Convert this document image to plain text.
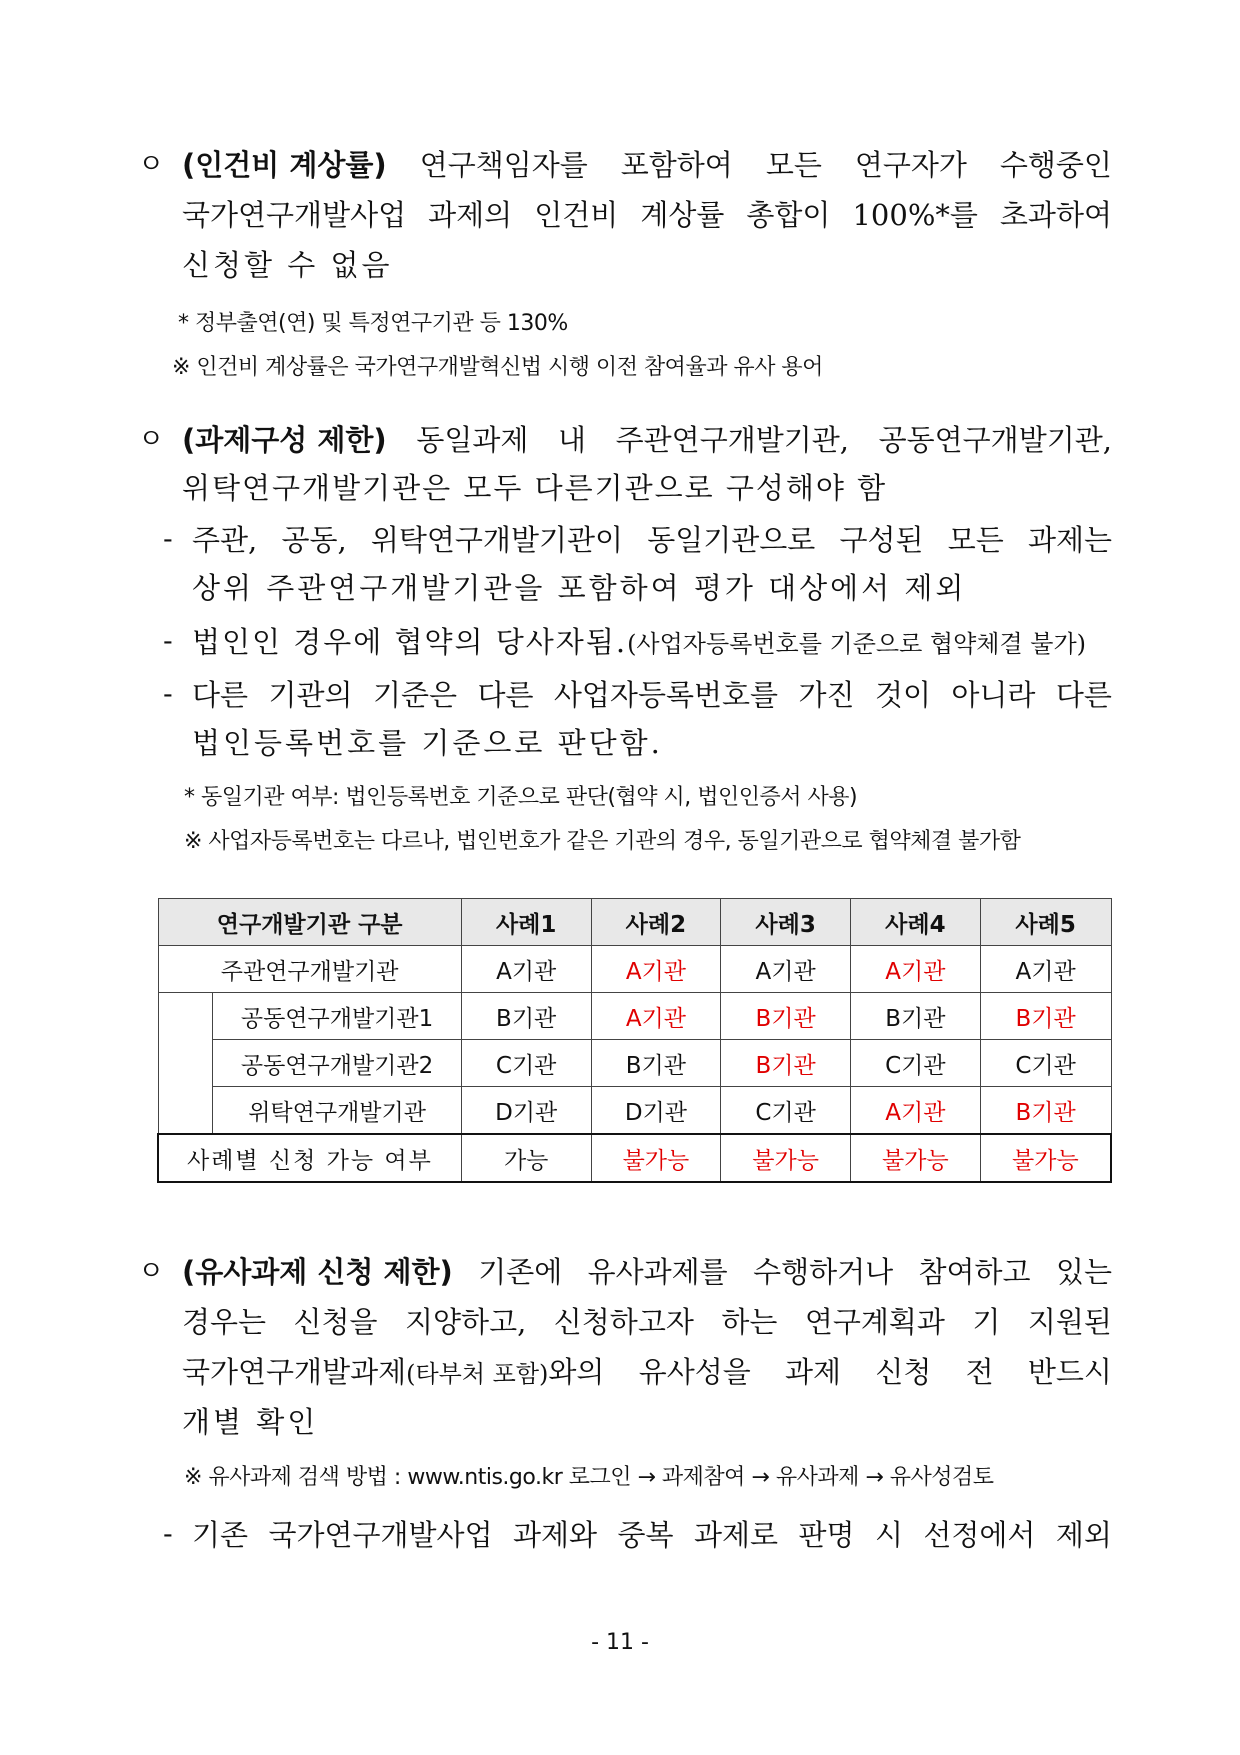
ㅇ (인건비 계상률) 연구책임자를 포함하여 모든 연구자가 수행중인
국가연구개발사업 과제의 인건비 계상률 총합이 100%*를 초과하여
신청할 수 없음
* 정부출연(연) 및 특정연구기관 등 130%
※ 인건비 계상률은 국가연구개발혁신법 시행 이전 참여율과 유사 용어
ㅇ (과제구성 제한) 동일과제 내 주관연구개발기관, 공동연구개발기관,
위탁연구개발기관은 모두 다른기관으로 구성해야 함
- 주관, 공동, 위탁연구개발기관이 동일기관으로 구성된 모든 과제는
상위 주관연구개발기관을 포함하여 평가 대상에서 제외
- 법인인 경우에 협약의 당사자됨.(사업자등록번호를 기준으로 협약체결 불가)
- 다른 기관의 기준은 다른 사업자등록번호를 가진 것이 아니라 다른
법인등록번호를 기준으로 판단함.
* 동일기관 여부: 법인등록번호 기준으로 판단(협약 시, 법인인증서 사용)
※ 사업자등록번호는 다르나, 법인번호가 같은 기관의 경우, 동일기관으로 협약체결 불가함
연구개발기관 구분		사례1	사례2	사례3	사례4	사례5
주관연구개발기관		A기관	A기관	A기관	A기관	A기관
	공동연구개발기관1	B기관	A기관	B기관	B기관	B기관
	공동연구개발기관2	C기관	B기관	B기관	C기관	C기관
	위탁연구개발기관	D기관	D기관	C기관	A기관	B기관
사례별 신청 가능 여부		가능	불가능	불가능	불가능	불가능
ㅇ (유사과제 신청 제한) 기존에 유사과제를 수행하거나 참여하고 있는
경우는 신청을 지양하고, 신청하고자 하는 연구계획과 기 지원된
국가연구개발과제(타부처 포함)와의 유사성을 과제 신청 전 반드시
개별 확인
※ 유사과제 검색 방법 : www.ntis.go.kr 로그인 → 과제참여 → 유사과제 → 유사성검토
- 기존 국가연구개발사업 과제와 중복 과제로 판명 시 선정에서 제외
- 11 -
